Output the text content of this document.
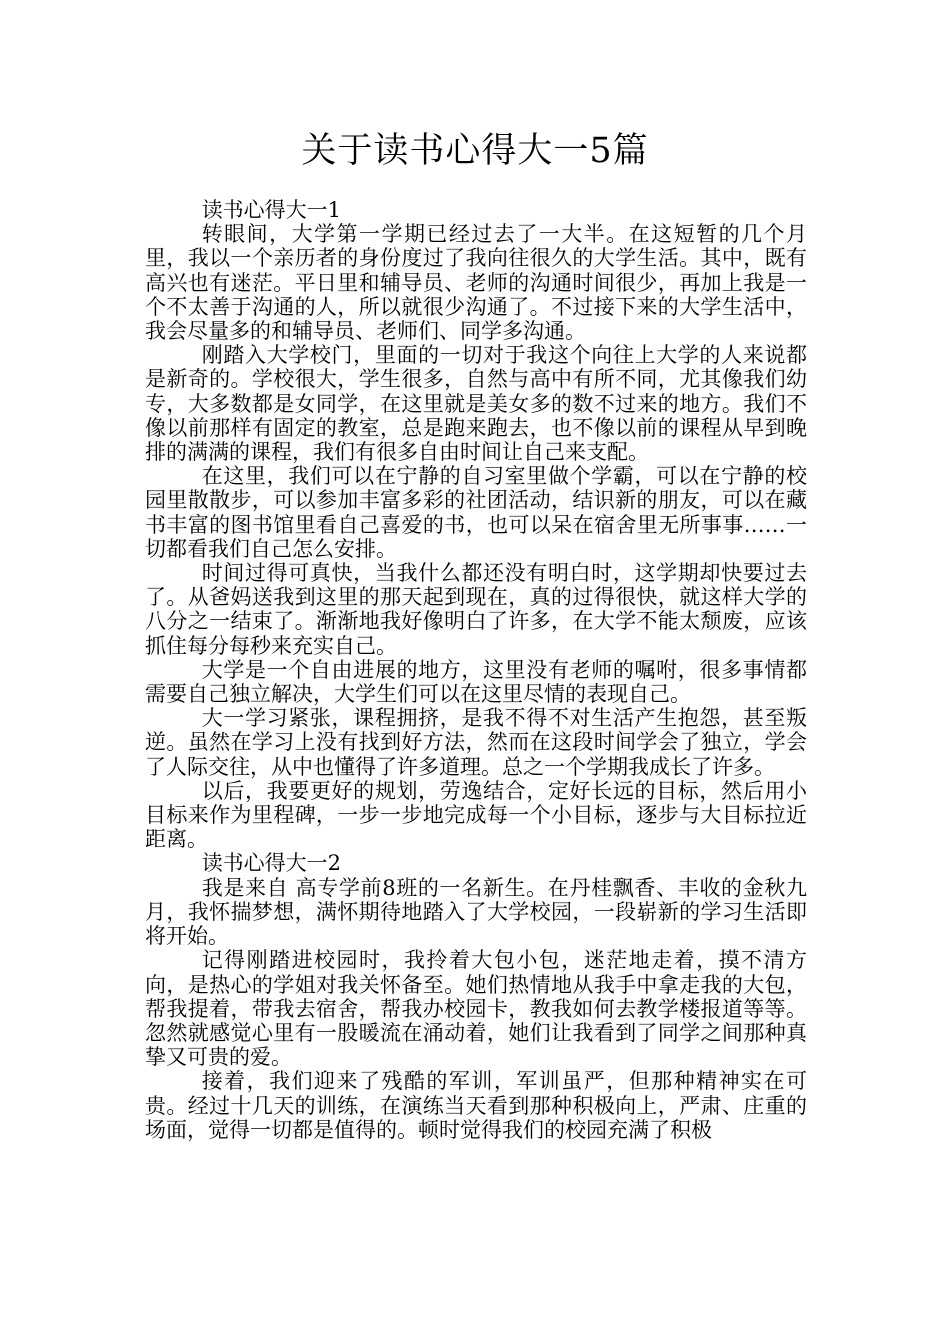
关于读书心得大一5篇

读书心得大一1

转眼间，大学第一学期已经过去了一大半。在这短暂的几个月里，我以一个亲历者的身份度过了我向往很久的大学生活。其中，既有高兴也有迷茫。平日里和辅导员、老师的沟通时间很少，再加上我是一个不太善于沟通的人，所以就很少沟通了。不过接下来的大学生活中，我会尽量多的和辅导员、老师们、同学多沟通。

刚踏入大学校门，里面的一切对于我这个向往上大学的人来说都是新奇的。学校很大，学生很多，自然与高中有所不同，尤其像我们幼专，大多数都是女同学，在这里就是美女多的数不过来的地方。我们不像以前那样有固定的教室，总是跑来跑去，也不像以前的课程从早到晚排的满满的课程，我们有很多自由时间让自己来支配。

在这里，我们可以在宁静的自习室里做个学霸，可以在宁静的校园里散散步，可以参加丰富多彩的社团活动，结识新的朋友，可以在藏书丰富的图书馆里看自己喜爱的书，也可以呆在宿舍里无所事事……一切都看我们自己怎么安排。

时间过得可真快，当我什么都还没有明白时，这学期却快要过去了。从爸妈送我到这里的那天起到现在，真的过得很快，就这样大学的八分之一结束了。渐渐地我好像明白了许多，在大学不能太颓废，应该抓住每分每秒来充实自己。

大学是一个自由进展的地方，这里没有老师的嘱咐，很多事情都需要自己独立解决，大学生们可以在这里尽情的表现自己。

大一学习紧张，课程拥挤，是我不得不对生活产生抱怨，甚至叛逆。虽然在学习上没有找到好方法，然而在这段时间学会了独立，学会了人际交往，从中也懂得了许多道理。总之一个学期我成长了许多。

以后，我要更好的规划，劳逸结合，定好长远的目标，然后用小目标来作为里程碑，一步一步地完成每一个小目标，逐步与大目标拉近距离。

读书心得大一2

我是来自 高专学前8班的一名新生。在丹桂飘香、丰收的金秋九月，我怀揣梦想，满怀期待地踏入了大学校园，一段崭新的学习生活即将开始。

记得刚踏进校园时，我拎着大包小包，迷茫地走着，摸不清方向，是热心的学姐对我关怀备至。她们热情地从我手中拿走我的大包，帮我提着，带我去宿舍，帮我办校园卡，教我如何去教学楼报道等等。忽然就感觉心里有一股暖流在涌动着，她们让我看到了同学之间那种真挚又可贵的爱。

接着，我们迎来了残酷的军训，军训虽严，但那种精神实在可贵。经过十几天的训练，在演练当天看到那种积极向上，严肃、庄重的场面，觉得一切都是值得的。顿时觉得我们的校园充满了积极
